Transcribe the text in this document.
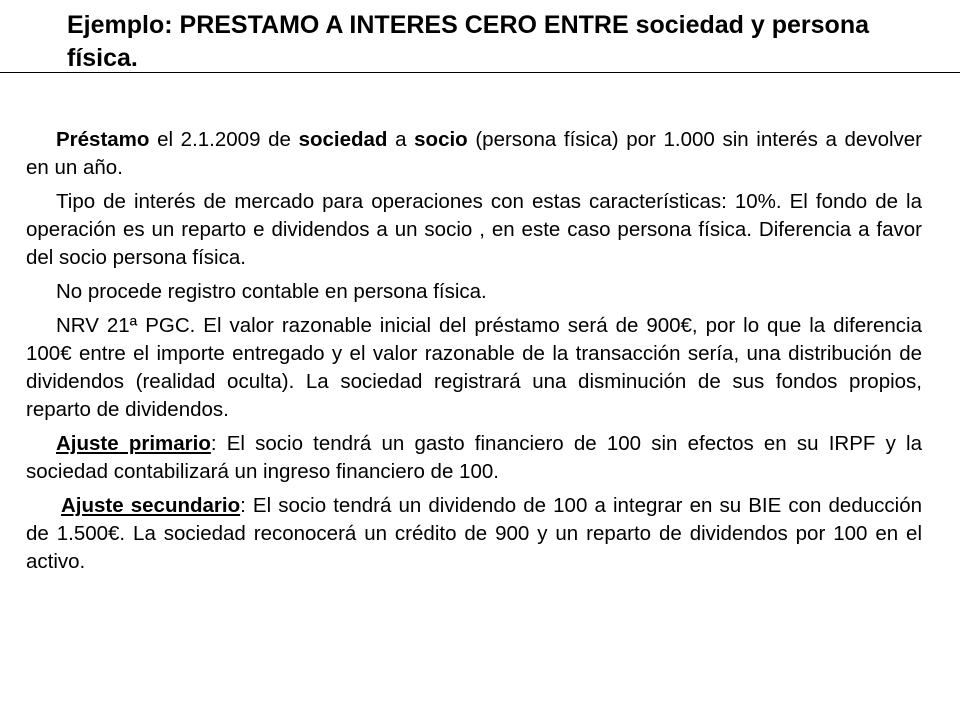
Ejemplo: PRESTAMO A INTERES CERO ENTRE sociedad y persona física.

Préstamo el 2.1.2009 de sociedad a socio (persona física) por 1.000 sin interés a devolver en un año.

Tipo de interés de mercado para operaciones con estas características: 10%. El fondo de la operación es un reparto e dividendos a un socio , en este caso persona física. Diferencia a favor del socio persona física.

No procede registro contable en persona física.

NRV 21ª PGC. El valor razonable inicial del préstamo será de 900€, por lo que la diferencia 100€ entre el importe entregado y el valor razonable de la transacción sería, una distribución de dividendos (realidad oculta). La sociedad registrará una disminución de sus fondos propios, reparto de dividendos.

Ajuste primario: El socio tendrá un gasto financiero de 100 sin efectos en su IRPF y la sociedad contabilizará un ingreso financiero de 100.

Ajuste secundario: El socio tendrá un dividendo de 100 a integrar en su BIE con deducción de 1.500€. La sociedad reconocerá un crédito de 900 y un reparto de dividendos por 100 en el activo.
